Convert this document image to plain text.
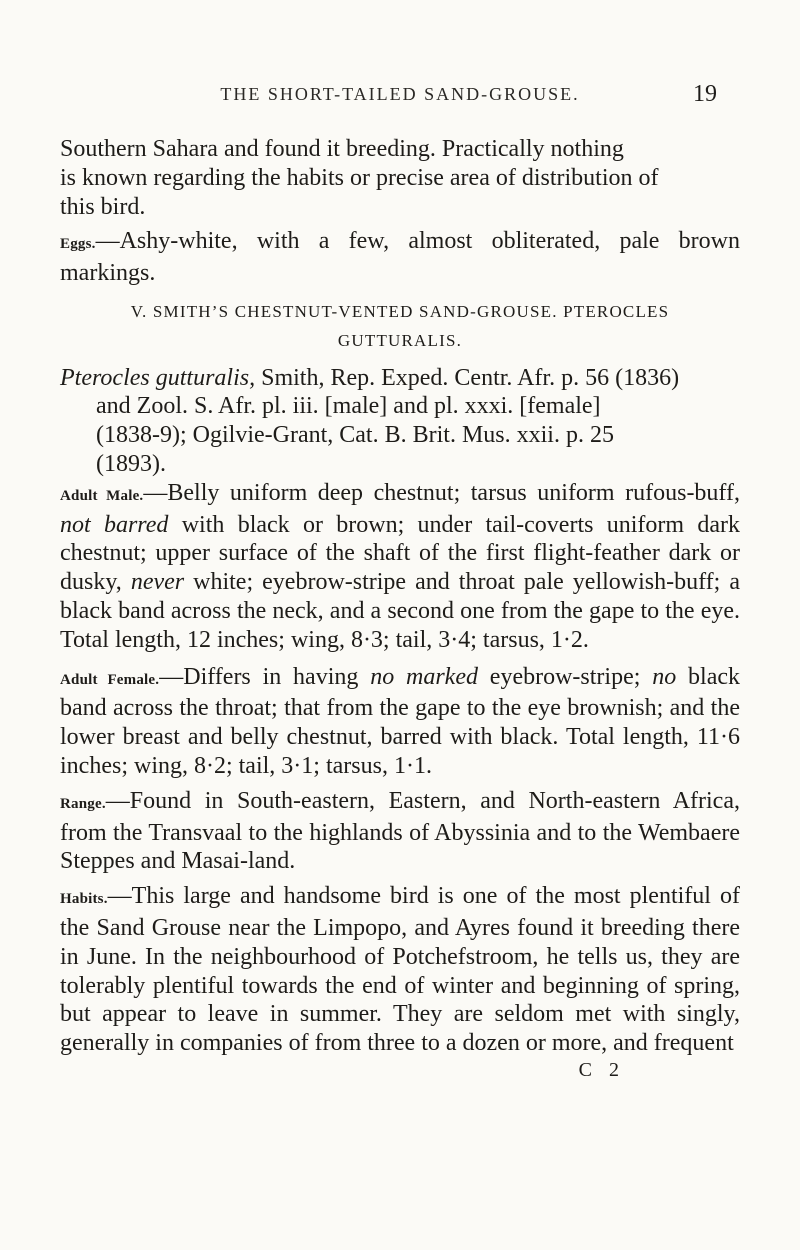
THE SHORT-TAILED SAND-GROUSE.	19

Southern Sahara and found it breeding. Practically nothing

is known regarding the habits or precise area of distribution of

this bird.

Eggs.—Ashy-white, with a few, almost obliterated, pale brown markings.

V. SMITH’S CHESTNUT-VENTED SAND-GROUSE. PTEROCLES

GUTTURALIS.

Pterocles gutturalis, Smith, Rep. Exped. Centr. Afr. p. 56 (1836)

and Zool. S. Afr. pl. iii. [male] and pl. xxxi. [female]

(1838-9); Ogilvie-Grant, Cat. B. Brit. Mus. xxii. p. 25

(1893).

Adult Male.—Belly uniform deep chestnut; tarsus uniform rufous-buff, not barred with black or brown; under tail-coverts uniform dark chestnut; upper surface of the shaft of the first flight-feather dark or dusky, never white; eyebrow-stripe and throat pale yellowish-buff; a black band across the neck, and a second one from the gape to the eye. Total length, 12 inches; wing, 8·3; tail, 3·4; tarsus, 1·2.

Adult Female.—Differs in having no marked eyebrow-stripe; no black band across the throat; that from the gape to the eye brownish; and the lower breast and belly chestnut, barred with black. Total length, 11·6 inches; wing, 8·2; tail, 3·1; tarsus, 1·1.

Range.—Found in South-eastern, Eastern, and North-eastern Africa, from the Transvaal to the highlands of Abyssinia and to the Wembaere Steppes and Masai-land.

Habits.—This large and handsome bird is one of the most plentiful of the Sand Grouse near the Limpopo, and Ayres found it breeding there in June. In the neighbourhood of Potchefstroom, he tells us, they are tolerably plentiful towards the end of winter and beginning of spring, but appear to leave in summer. They are seldom met with singly, generally in companies of from three to a dozen or more, and frequent

C 2
